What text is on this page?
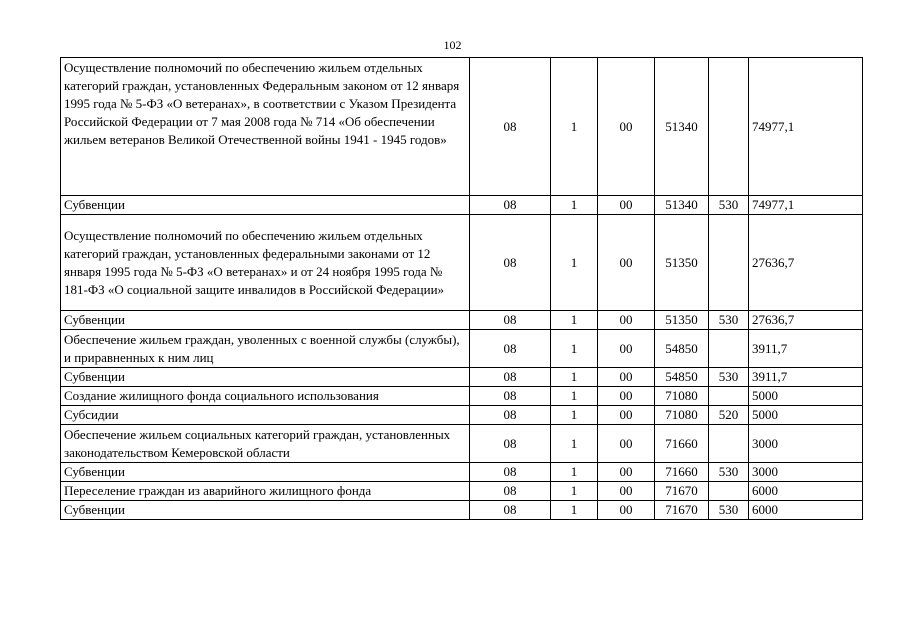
102
Осуществление полномочий по обеспечению жильем отдельных категорий граждан, установленных Федеральным законом от 12 января 1995 года № 5-ФЗ «О ветеранах», в соответствии с Указом Президента Российской Федерации от 7 мая 2008 года № 714 «Об обеспечении жильем ветеранов Великой Отечественной войны 1941 - 1945 годов»	08	1	00	51340		74977,1
Субвенции	08	1	00	51340	530	74977,1
Осуществление полномочий по обеспечению жильем отдельных категорий граждан, установленных федеральными законами от 12 января 1995 года № 5-ФЗ «О ветеранах» и от 24 ноября 1995 года № 181-ФЗ «О социальной защите инвалидов в Российской Федерации»	08	1	00	51350		27636,7
Субвенции	08	1	00	51350	530	27636,7
Обеспечение жильем граждан, уволенных с военной службы (службы), и приравненных к ним лиц	08	1	00	54850		3911,7
Субвенции	08	1	00	54850	530	3911,7
Создание жилищного фонда социального использования	08	1	00	71080		5000
Субсидии	08	1	00	71080	520	5000
Обеспечение жильем социальных категорий граждан, установленных законодательством Кемеровской области	08	1	00	71660		3000
Субвенции	08	1	00	71660	530	3000
Переселение граждан из аварийного жилищного фонда	08	1	00	71670		6000
Субвенции	08	1	00	71670	530	6000
